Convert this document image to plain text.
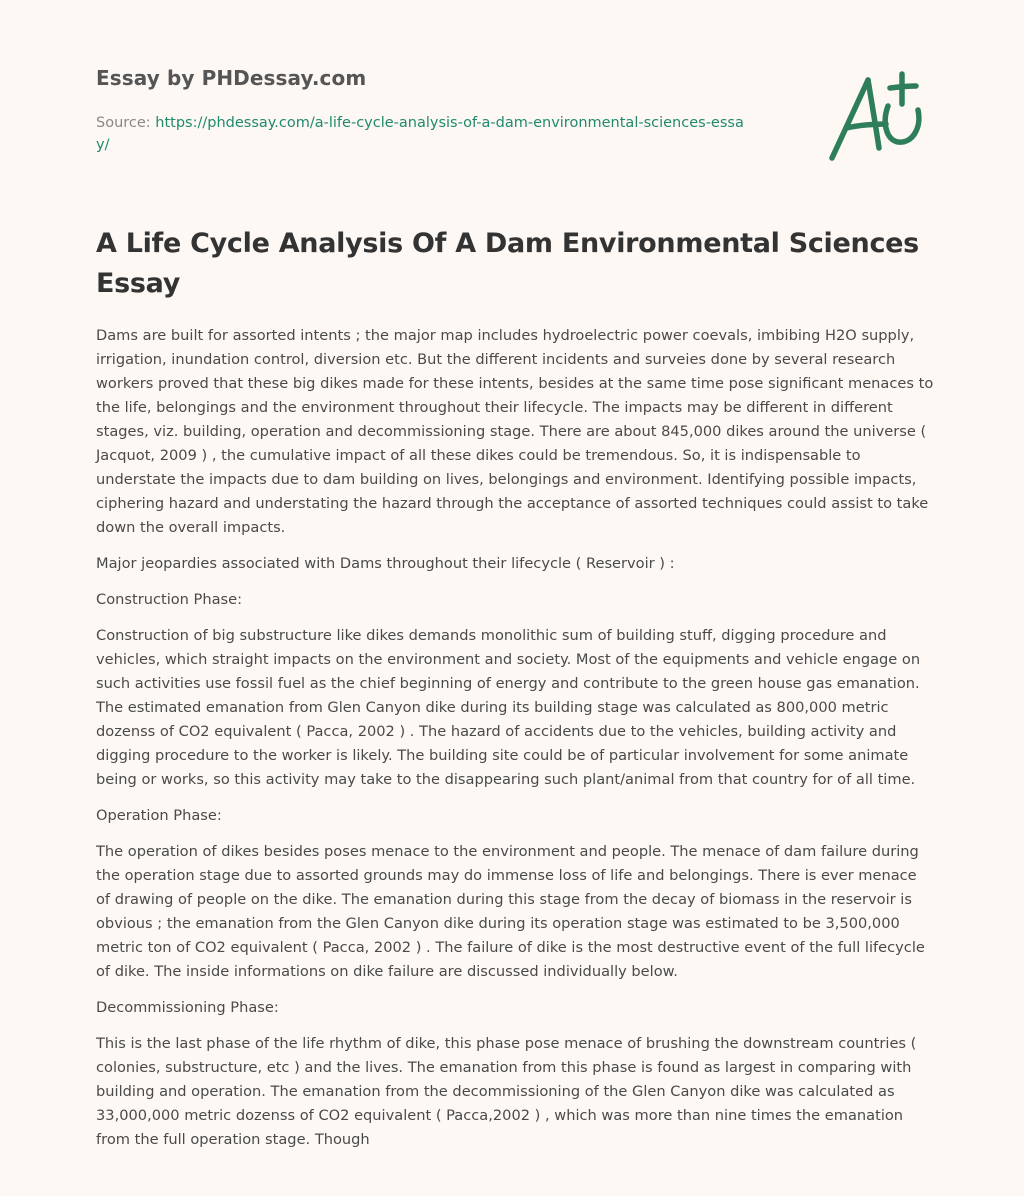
Essay by PHDessay.com
Source: https://phdessay.com/a-life-cycle-analysis-of-a-dam-environmental-sciences-essay/
A Life Cycle Analysis Of A Dam Environmental Sciences Essay

Dams are built for assorted intents ; the major map includes hydroelectric power coevals, imbibing H2O supply, irrigation, inundation control, diversion etc. But the different incidents and surveies done by several research workers proved that these big dikes made for these intents, besides at the same time pose significant menaces to the life, belongings and the environment throughout their lifecycle. The impacts may be different in different stages, viz. building, operation and decommissioning stage. There are about 845,000 dikes around the universe ( Jacquot, 2009 ) , the cumulative impact of all these dikes could be tremendous. So, it is indispensable to understate the impacts due to dam building on lives, belongings and environment. Identifying possible impacts, ciphering hazard and understating the hazard through the acceptance of assorted techniques could assist to take down the overall impacts.

Major jeopardies associated with Dams throughout their lifecycle ( Reservoir ) :

Construction Phase:

Construction of big substructure like dikes demands monolithic sum of building stuff, digging procedure and vehicles, which straight impacts on the environment and society. Most of the equipments and vehicle engage on such activities use fossil fuel as the chief beginning of energy and contribute to the green house gas emanation. The estimated emanation from Glen Canyon dike during its building stage was calculated as 800,000 metric dozenss of CO2 equivalent ( Pacca, 2002 ) . The hazard of accidents due to the vehicles, building activity and digging procedure to the worker is likely. The building site could be of particular involvement for some animate being or works, so this activity may take to the disappearing such plant/animal from that country for of all time.

Operation Phase:

The operation of dikes besides poses menace to the environment and people. The menace of dam failure during the operation stage due to assorted grounds may do immense loss of life and belongings. There is ever menace of drawing of people on the dike. The emanation during this stage from the decay of biomass in the reservoir is obvious ; the emanation from the Glen Canyon dike during its operation stage was estimated to be 3,500,000 metric ton of CO2 equivalent ( Pacca, 2002 ) . The failure of dike is the most destructive event of the full lifecycle of dike. The inside informations on dike failure are discussed individually below.

Decommissioning Phase:

This is the last phase of the life rhythm of dike, this phase pose menace of brushing the downstream countries ( colonies, substructure, etc ) and the lives. The emanation from this phase is found as largest in comparing with building and operation. The emanation from the decommissioning of the Glen Canyon dike was calculated as 33,000,000 metric dozenss of CO2 equivalent ( Pacca,2002 ) , which was more than nine times the emanation from the full operation stage. Though
